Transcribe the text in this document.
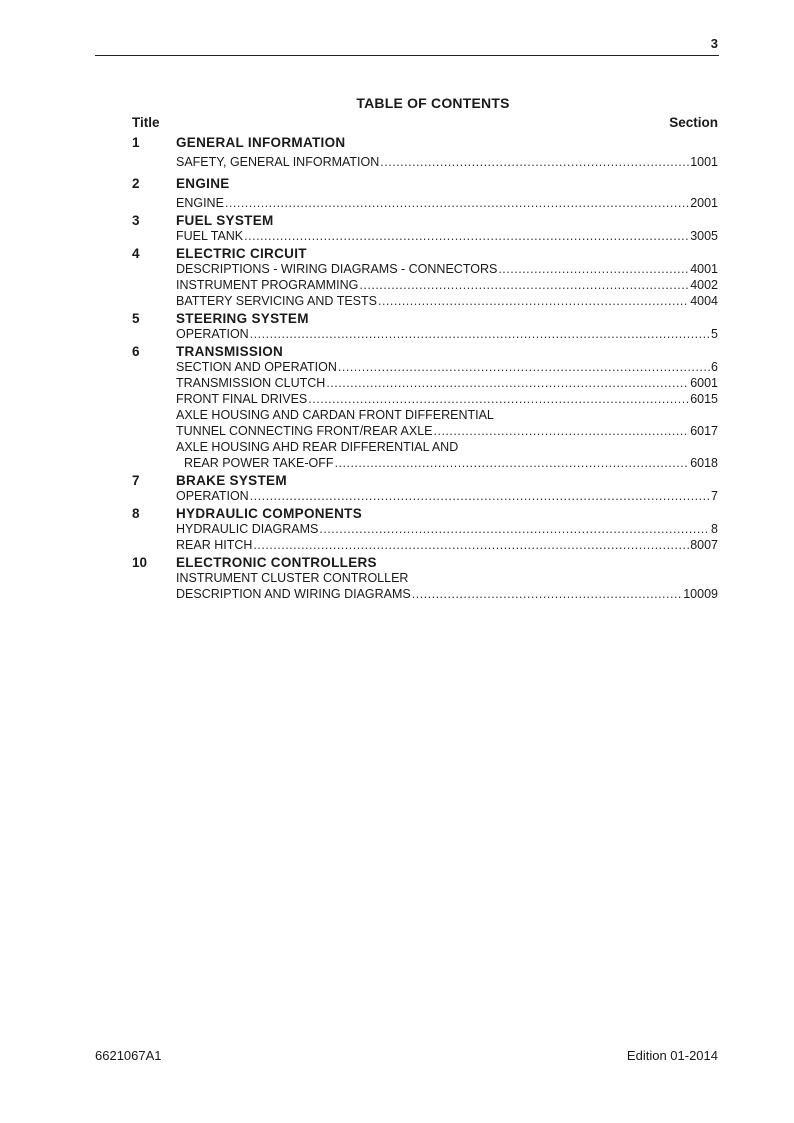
3
TABLE OF CONTENTS
Title	Section
1	GENERAL INFORMATION
SAFETY, GENERAL INFORMATION .....	1001
2	ENGINE
ENGINE .....	2001
3	FUEL SYSTEM
FUEL TANK .....	3005
4	ELECTRIC CIRCUIT
DESCRIPTIONS - WIRING DIAGRAMS - CONNECTORS .....	4001
INSTRUMENT PROGRAMMING .....	4002
BATTERY SERVICING AND TESTS .....	4004
5	STEERING SYSTEM
OPERATION .....	5
6	TRANSMISSION
SECTION AND OPERATION .....	6
TRANSMISSION CLUTCH .....	6001
FRONT FINAL DRIVES .....	6015
AXLE HOUSING AND CARDAN FRONT DIFFERENTIAL
TUNNEL CONNECTING FRONT/REAR AXLE .....	6017
AXLE HOUSING AHD REAR DIFFERENTIAL AND
REAR POWER TAKE-OFF .....	6018
7	BRAKE SYSTEM
OPERATION .....	7
8	HYDRAULIC COMPONENTS
HYDRAULIC DIAGRAMS .....	8
REAR HITCH .....	8007
10	ELECTRONIC CONTROLLERS
INSTRUMENT CLUSTER CONTROLLER
DESCRIPTION AND WIRING DIAGRAMS .....	10009
6621067A1	Edition 01-2014
